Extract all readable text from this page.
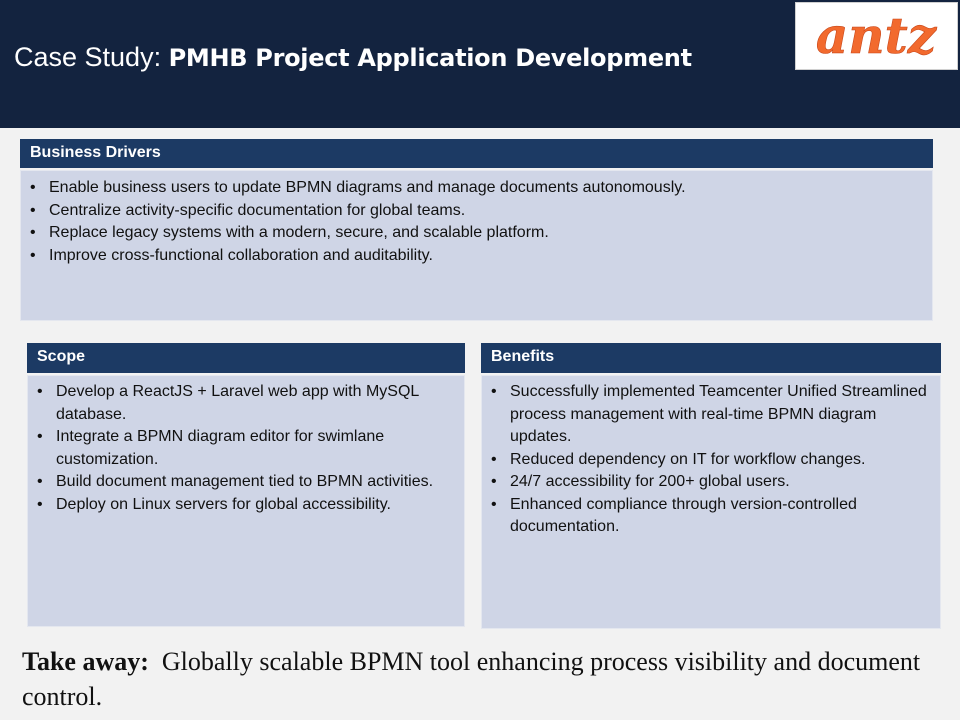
Case Study: PMHB Project Application Development antz
Business Drivers
• Enable business users to update BPMN diagrams and manage documents autonomously.
• Centralize activity-specific documentation for global teams.
• Replace legacy systems with a modern, secure, and scalable platform.
• Improve cross-functional collaboration and auditability.
Scope
• Develop a ReactJS + Laravel web app with MySQL database.
• Integrate a BPMN diagram editor for swimlane customization.
• Build document management tied to BPMN activities.
• Deploy on Linux servers for global accessibility.
Benefits
• Successfully implemented Teamcenter Unified Streamlined process management with real-time BPMN diagram updates.
• Reduced dependency on IT for workflow changes.
• 24/7 accessibility for 200+ global users.
• Enhanced compliance through version-controlled documentation.
Take away: Globally scalable BPMN tool enhancing process visibility and document control.
